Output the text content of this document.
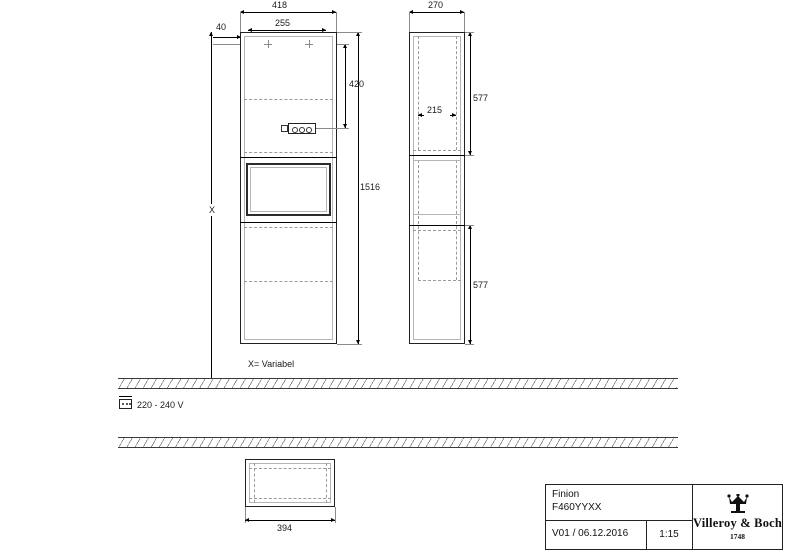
418
255
40
420
1516
X
X= Variabel
270
215
577
577
220 - 240 V
394
Finion
F460YYXX
V01 / 06.12.2016	1:15
Villeroy & Boch
1748
